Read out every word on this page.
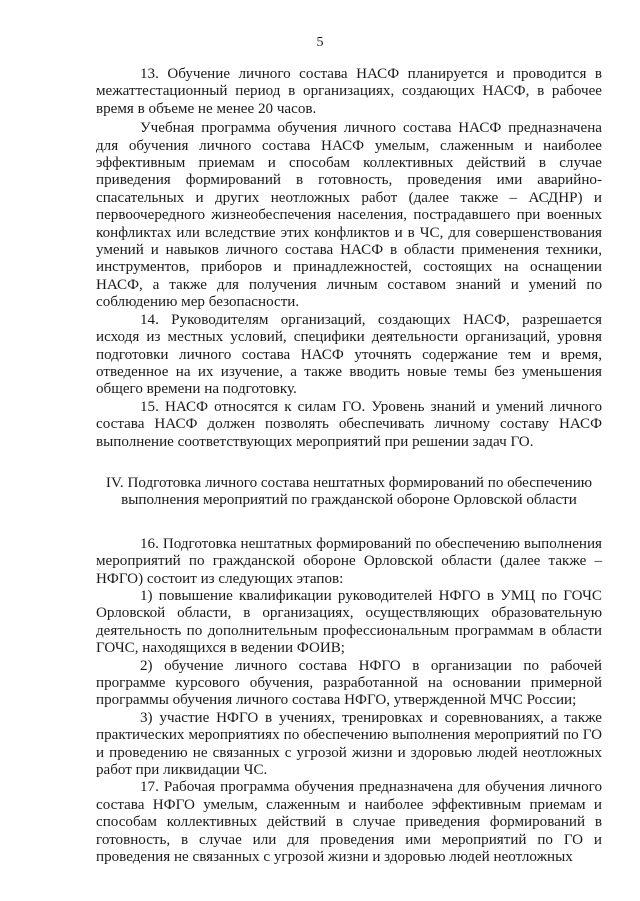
5

13. Обучение личного состава НАСФ планируется и проводится в межаттестационный период в организациях, создающих НАСФ, в рабочее время в объеме не менее 20 часов.

Учебная программа обучения личного состава НАСФ предназначена для обучения личного состава НАСФ умелым, слаженным и наиболее эффективным приемам и способам коллективных действий в случае приведения формирований в готовность, проведения ими аварийно-спасательных и других неотложных работ (далее также – АСДНР) и первоочередного жизнеобеспечения населения, пострадавшего при военных конфликтах или вследствие этих конфликтов и в ЧС, для совершенствования умений и навыков личного состава НАСФ в области применения техники, инструментов, приборов и принадлежностей, состоящих на оснащении НАСФ, а также для получения личным составом знаний и умений по соблюдению мер безопасности.

14. Руководителям организаций, создающих НАСФ, разрешается исходя из местных условий, специфики деятельности организаций, уровня подготовки личного состава НАСФ уточнять содержание тем и время, отведенное на их изучение, а также вводить новые темы без уменьшения общего времени на подготовку.

15. НАСФ относятся к силам ГО. Уровень знаний и умений личного состава НАСФ должен позволять обеспечивать личному составу НАСФ выполнение соответствующих мероприятий при решении задач ГО.

IV. Подготовка личного состава нештатных формирований по обеспечению
выполнения мероприятий по гражданской обороне Орловской области

16. Подготовка нештатных формирований по обеспечению выполнения мероприятий по гражданской обороне Орловской области (далее также – НФГО) состоит из следующих этапов:

1) повышение квалификации руководителей НФГО в УМЦ по ГОЧС Орловской области, в организациях, осуществляющих образовательную деятельность по дополнительным профессиональным программам в области ГОЧС, находящихся в ведении ФОИВ;

2) обучение личного состава НФГО в организации по рабочей программе курсового обучения, разработанной на основании примерной программы обучения личного состава НФГО, утвержденной МЧС России;

3) участие НФГО в учениях, тренировках и соревнованиях, а также практических мероприятиях по обеспечению выполнения мероприятий по ГО и проведению не связанных с угрозой жизни и здоровью людей неотложных работ при ликвидации ЧС.

17. Рабочая программа обучения предназначена для обучения личного состава НФГО умелым, слаженным и наиболее эффективным приемам и способам коллективных действий в случае приведения формирований в готовность, в случае или для проведения ими мероприятий по ГО и проведения не связанных с угрозой жизни и здоровью людей неотложных
